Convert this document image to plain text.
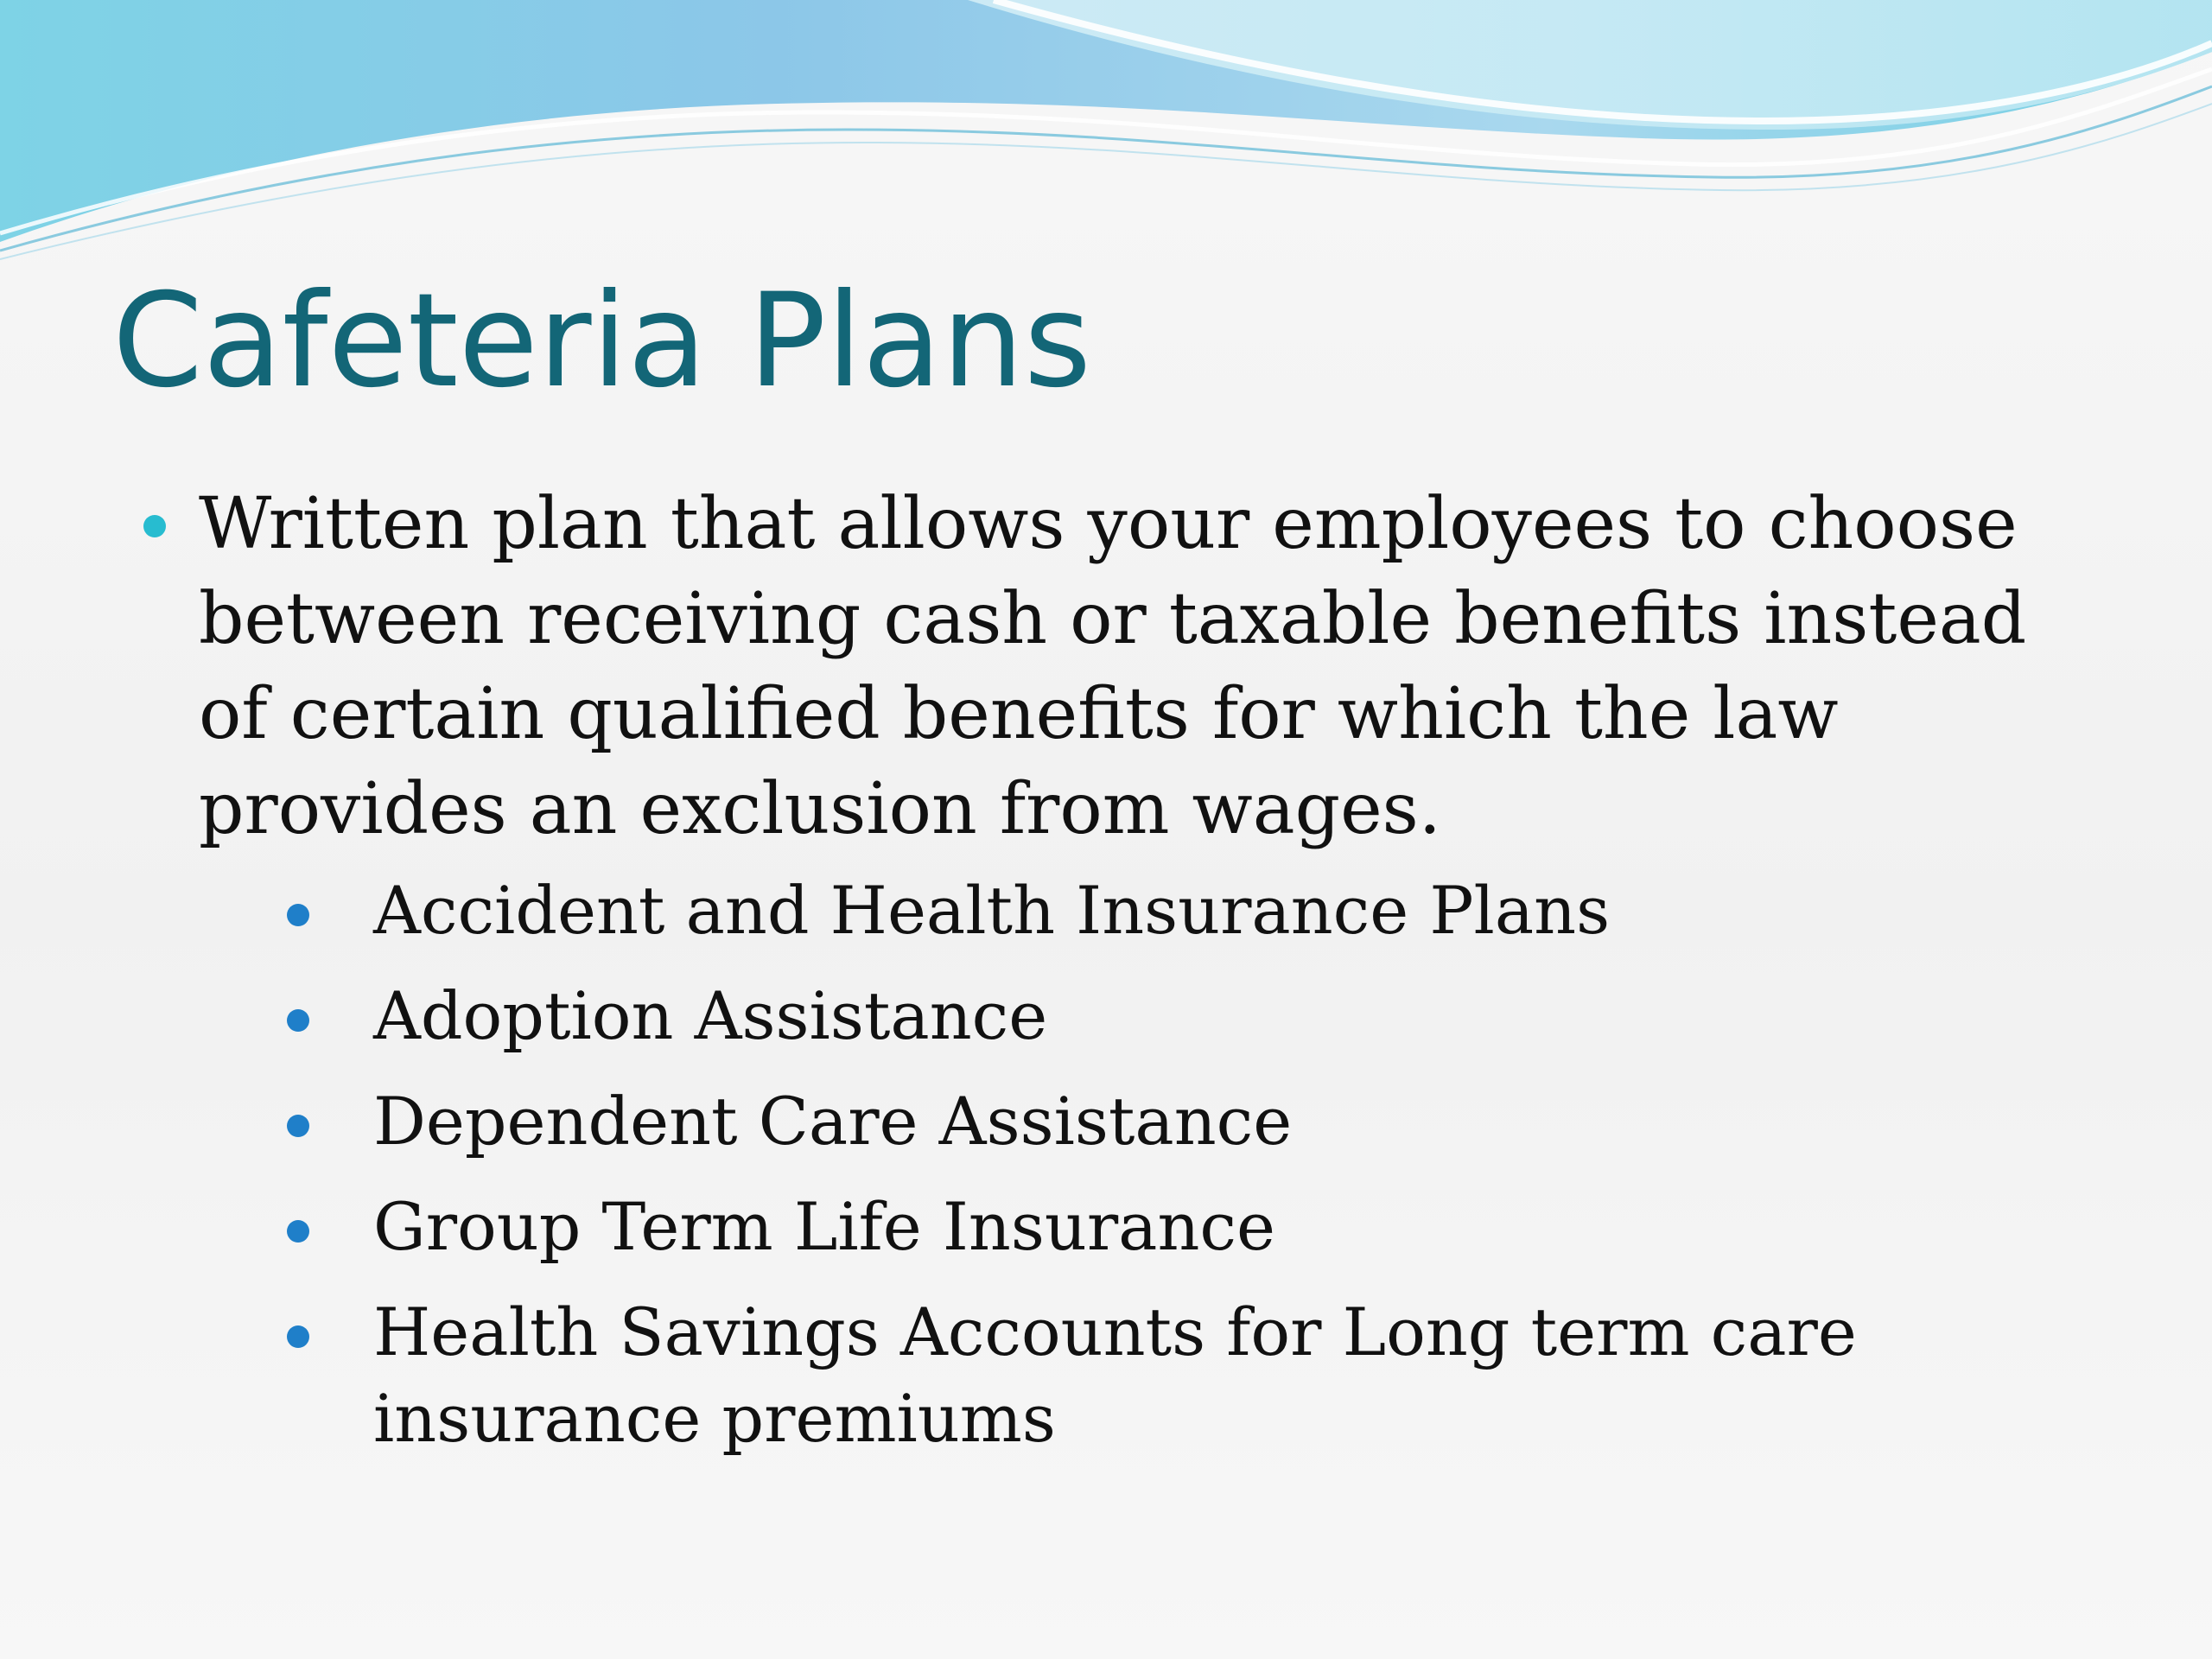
Cafeteria Plans
Written plan that allows your employees to choose between receiving cash or taxable benefits instead of certain qualified benefits for which the law provides an exclusion from wages.
Accident and Health Insurance Plans
Adoption Assistance
Dependent Care Assistance
Group Term Life Insurance
Health Savings Accounts for Long term care insurance premiums
